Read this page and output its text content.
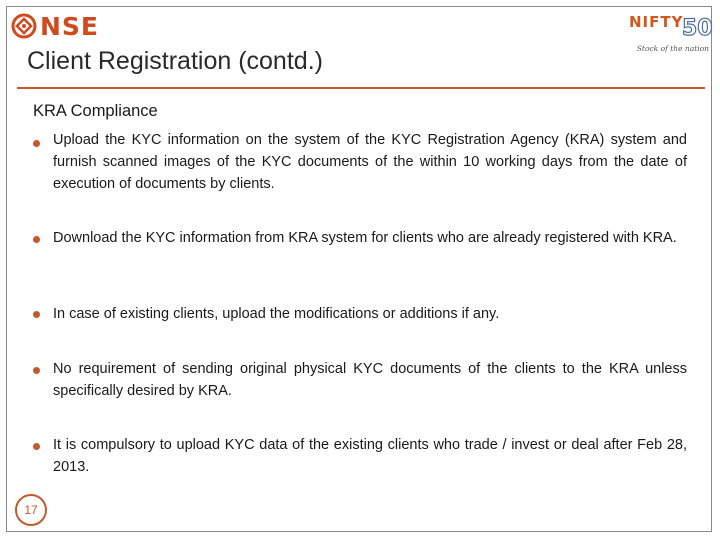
NSE	NIFTY
50
Stock of the nation
Client Registration (contd.)
KRA Compliance
Upload the KYC information on the system of the KYC Registration Agency (KRA) system and furnish scanned images of the KYC documents of the within 10 working days from the date of execution of documents by clients.
Download the KYC information from KRA system for clients who are already registered with KRA.
In case of existing clients, upload the modifications or additions if any.
No requirement of sending original physical KYC documents of the clients to the KRA unless specifically desired by KRA.
It is compulsory to upload KYC data of the existing clients who trade / invest or deal after Feb 28, 2013.
17
